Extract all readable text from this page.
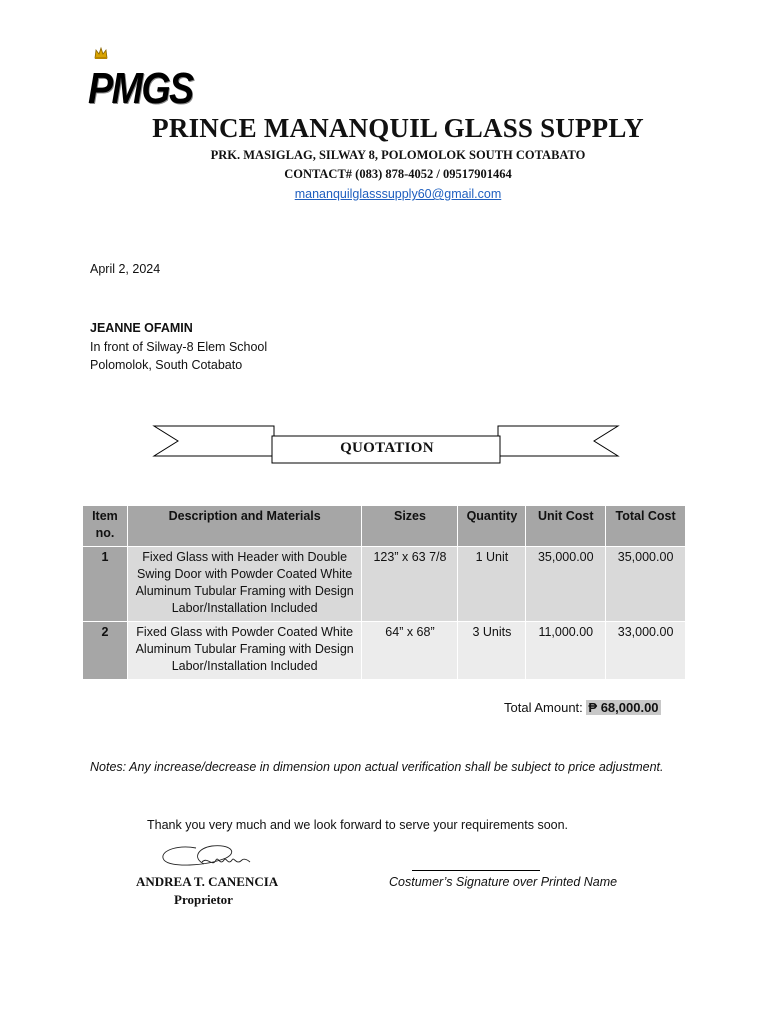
PMGS
PRINCE MANANQUIL GLASS SUPPLY
PRK. MASIGLAG, SILWAY 8, POLOMOLOK SOUTH COTABATO
CONTACT# (083) 878-4052 / 09517901464
mananquilglasssupply60@gmail.com
April 2, 2024
JEANNE OFAMIN
In front of Silway-8 Elem School
Polomolok, South Cotabato
QUOTATION
Item no.	Description and Materials	Sizes	Quantity	Unit Cost	Total Cost
1	Fixed Glass with Header with Double Swing Door with Powder Coated White Aluminum Tubular Framing with Design Labor/Installation Included	123” x 63 7/8	1 Unit	35,000.00	35,000.00
2	Fixed Glass with Powder Coated White Aluminum Tubular Framing with Design Labor/Installation Included	64” x 68”	3 Units	11,000.00	33,000.00
Total Amount: ₱ 68,000.00
Notes: Any increase/decrease in dimension upon actual verification shall be subject to price adjustment.
Thank you very much and we look forward to serve your requirements soon.
ANDREA T. CANENCIA
Proprietor
Costumer’s Signature over Printed Name
